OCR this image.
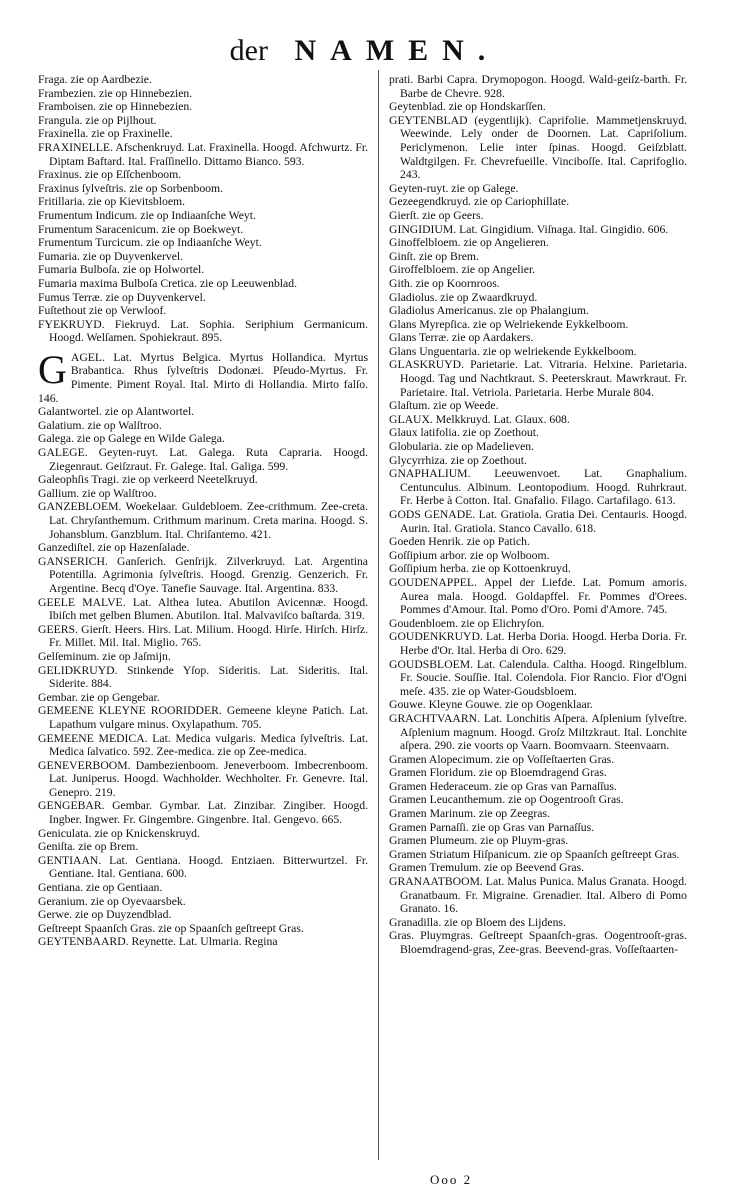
der NAMEN.

Fraga. zie op Aardbezie.

Frambezien. zie op Hinnebezien.

Framboisen. zie op Hinnebezien.

Frangula. zie op Pijlhout.

Fraxinella. zie op Fraxinelle.

FRAXINELLE. Afschenkruyd. Lat. Fraxinella. Hoogd. Afchwurtz. Fr. Diptam Baftard. Ital. Fraſſinello. Dittamo Bianco. 593.

Fraxinus. zie op Eſſchenboom.

Fraxinus ſylveſtris. zie op Sorbenboom.

Fritillaria. zie op Kievitsbloem.

Frumentum Indicum. zie op Indiaanſche Weyt.

Frumentum Saracenicum. zie op Boekweyt.

Frumentum Turcicum. zie op Indiaanſche Weyt.

Fumaria. zie op Duyvenkervel.

Fumaria Bulboſa. zie op Holwortel.

Fumaria maxima Bulboſa Cretica. zie op Leeuwenblad.

Fumus Terræ. zie op Duyvenkervel.

Fuſtethout zie op Verwloof.

FYEKRUYD. Fiekruyd. Lat. Sophia. Seriphium Germanicum. Hoogd. Welſamen. Spohiekraut. 895.

G AGEL. Lat. Myrtus Belgica. Myrtus Hollandica. Myrtus Brabantica. Rhus ſylveſtris Dodonæi. Pſeudo-Myrtus. Fr. Pimente. Piment Royal. Ital. Mirto di Hollandia. Mirto falſo. 146.

Galantwortel. zie op Alantwortel.

Galatium. zie op Walſtroo.

Galega. zie op Galege en Wilde Galega.

GALEGE. Geyten-ruyt. Lat. Galega. Ruta Capraria. Hoogd. Ziegenraut. Geiſzraut. Fr. Galege. Ital. Galiga. 599.

Galeophſis Tragi. zie op verkeerd Neetelkruyd.

Gallium. zie op Walſtroo.

GANZEBLOEM. Woekelaar. Guldebloem. Zee-crithmum. Zee-creta. Lat. Chryſanthemum. Crithmum marinum. Creta marina. Hoogd. S. Johansblum. Ganzblum. Ital. Chriſantemo. 421.

Ganzediſtel. zie op Hazenſalade.

GANSERICH. Ganſerich. Genſrijk. Zilverkruyd. Lat. Argentina Potentilla. Agrimonia ſylveſtris. Hoogd. Grenzig. Genzerich. Fr. Argentine. Becq d'Oye. Tanefie Sauvage. Ital. Argentina. 833.

GEELE MALVE. Lat. Althea lutea. Abutilon Avicennæ. Hoogd. Ibiſch met gelben Blumen. Abutilon. Ital. Malvaviſco baſtarda. 319.

GEERS. Gierſt. Heers. Hirs. Lat. Milium. Hoogd. Hirſe. Hirſch. Hirſz. Fr. Millet. Mil. Ital. Miglio. 765.

Gelſeminum. zie op Jaſmijn.

GELIDKRUYD. Stinkende Yſop. Sideritis. Lat. Sideritis. Ital. Siderite. 884.

Gembar. zie op Gengebar.

GEMEENE KLEYNE ROORIDDER. Gemeene kleyne Patich. Lat. Lapathum vulgare minus. Oxylapathum. 705.

GEMEENE MEDICA. Lat. Medica vulgaris. Medica ſylveſtris. Lat. Medica ſalvatico. 592. Zee-medica. zie op Zee-medica.

GENEVERBOOM. Dambezienboom. Jeneverboom. Imbecrenboom. Lat. Juniperus. Hoogd. Wachholder. Wechholter. Fr. Genevre. Ital. Genepro. 219.

GENGEBAR. Gembar. Gymbar. Lat. Zinzibar. Zingiber. Hoogd. Ingber. Ingwer. Fr. Gingembre. Gingenbre. Ital. Gengevo. 665.

Geniculata. zie op Knickenskruyd.

Geniſta. zie op Brem.

GENTIAAN. Lat. Gentiana. Hoogd. Entziaen. Bitterwurtzel. Fr. Gentiane. Ital. Gentiana. 600.

Gentiana. zie op Gentiaan.

Geranium. zie op Oyevaarsbek.

Gerwe. zie op Duyzendblad.

Geſtreept Spaanſch Gras. zie op Spaanſch geſtreept Gras.

GEYTENBAARD. Reynette. Lat. Ulmaria. Regina

prati. Barbi Capra. Drymopogon. Hoogd. Wald-geiſz-barth. Fr. Barbe de Chevre. 928.

Geytenblad. zie op Hondskarſſen.

GEYTENBLAD (eygentlijk). Caprifolie. Mammetjenskruyd. Weewinde. Lely onder de Doornen. Lat. Capriſolium. Periclymenon. Lelie inter ſpinas. Hoogd. Geiſzblatt. Waldtgilgen. Fr. Chevrefueille. Vinciboſſe. Ital. Caprifoglio. 243.

Geyten-ruyt. zie op Galege.

Gezeegendkruyd. zie op Cariophillate.

Gierſt. zie op Geers.

GINGIDIUM. Lat. Gingidium. Viſnaga. Ital. Gingidio. 606.

Ginoffelbloem. zie op Angelieren.

Ginſt. zie op Brem.

Giroffelbloem. zie op Angelier.

Gith. zie op Koornroos.

Gladiolus. zie op Zwaardkruyd.

Gladiolus Americanus. zie op Phalangium.

Glans Myrepſica. zie op Welriekende Eykkelboom.

Glans Terræ. zie op Aardakers.

Glans Unguentaria. zie op welriekende Eykkelboom.

GLASKRUYD. Parietarie. Lat. Vitraria. Helxine. Parietaria. Hoogd. Tag und Nachtkraut. S. Peeterskraut. Mawrkraut. Fr. Parietaire. Ital. Vetriola. Parietaria. Herbe Murale 804.

Glaſtum. zie op Weede.

GLAUX. Melkkruyd. Lat. Glaux. 608.

Glaux latifolia. zie op Zoethout.

Globularia. zie op Madelieven.

Glycyrrhiza. zie op Zoethout.

GNAPHALIUM. Leeuwenvoet. Lat. Gnaphalium. Centunculus. Albinum. Leontopodium. Hoogd. Ruhrkraut. Fr. Herbe à Cotton. Ital. Gnafalio. Filago. Cartafilago. 613.

GODS GENADE. Lat. Gratiola. Gratia Dei. Centauris. Hoogd. Aurin. Ital. Gratiola. Stanco Cavallo. 618.

Goeden Henrik. zie op Patich.

Goſſipium arbor. zie op Wolboom.

Goſſipium herba. zie op Kottoenkruyd.

GOUDENAPPEL. Appel der Liefde. Lat. Pomum amoris. Aurea mala. Hoogd. Goldapffel. Fr. Pommes d'Orees. Pommes d'Amour. Ital. Pomo d'Oro. Pomi d'Amore. 745.

Goudenbloem. zie op Elichryſon.

GOUDENKRUYD. Lat. Herba Doria. Hoogd. Herba Doria. Fr. Herbe d'Or. Ital. Herba di Oro. 629.

GOUDSBLOEM. Lat. Calendula. Caltha. Hoogd. Ringelblum. Fr. Soucie. Souſſie. Ital. Colendola. Fior Rancio. Fior d'Ogni meſe. 435. zie op Water-Goudsbloem.

Gouwe. Kleyne Gouwe. zie op Oogenklaar.

GRACHTVAARN. Lat. Lonchitis Aſpera. Aſplenium ſylveſtre. Aſplenium magnum. Hoogd. Groſz Miltzkraut. Ital. Lonchite aſpera. 290. zie voorts op Vaarn. Boomvaarn. Steenvaarn.

Gramen Alopecimum. zie op Voſſeſtaerten Gras.

Gramen Floridum. zie op Bloemdragend Gras.

Gramen Hederaceum. zie op Gras van Parnaſſus.

Gramen Leucanthemum. zie op Oogentrooſt Gras.

Gramen Marinum. zie op Zeegras.

Gramen Parnaſſi. zie op Gras van Parnaſſus.

Gramen Plumeum. zie op Pluym-gras.

Gramen Striatum Hiſpanicum. zie op Spaanſch geſtreept Gras.

Gramen Tremulum. zie op Beevend Gras.

GRANAATBOOM. Lat. Malus Punica. Malus Granata. Hoogd. Granatbaum. Fr. Migraine. Grenadier. Ital. Albero di Pomo Granato. 16.

Granadilla. zie op Bloem des Lijdens.

Gras. Pluymgras. Geſtreept Spaanſch-gras. Oogentrooſt-gras. Bloemdragend-gras, Zee-gras. Beevend-gras. Voſſeſtaarten-

Ooo 2
